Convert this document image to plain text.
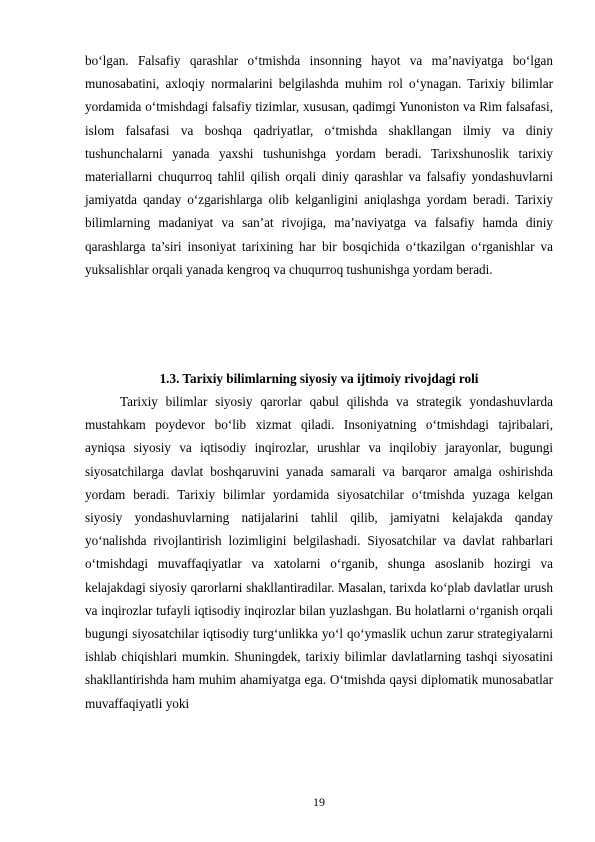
bo‘lgan. Falsafiy qarashlar o‘tmishda insonning hayot va ma’naviyatga bo‘lgan munosabatini, axloqiy normalarini belgilashda muhim rol o‘ynagan. Tarixiy bilimlar yordamida o‘tmishdagi falsafiy tizimlar, xususan, qadimgi Yunoniston va Rim falsafasi, islom falsafasi va boshqa qadriyatlar, o‘tmishda shakllangan ilmiy va diniy tushunchalarni yanada yaxshi tushunishga yordam beradi. Tarixshunoslik tarixiy materiallarni chuqurroq tahlil qilish orqali diniy qarashlar va falsafiy yondashuvlarni jamiyatda qanday o‘zgarishlarga olib kelganligini aniqlashga yordam beradi. Tarixiy bilimlarning madaniyat va san’at rivojiga, ma’naviyatga va falsafiy hamda diniy qarashlarga ta’siri insoniyat tarixining har bir bosqichida o‘tkazilgan o‘rganishlar va yuksalishlar orqali yanada kengroq va chuqurroq tushunishga yordam beradi.

1.3. Tarixiy bilimlarning siyosiy va ijtimoiy rivojdagi roli

Tarixiy bilimlar siyosiy qarorlar qabul qilishda va strategik yondashuvlarda mustahkam poydevor bo‘lib xizmat qiladi. Insoniyatning o‘tmishdagi tajribalari, ayniqsa siyosiy va iqtisodiy inqirozlar, urushlar va inqilobiy jarayonlar, bugungi siyosatchilarga davlat boshqaruvini yanada samarali va barqaror amalga oshirishda yordam beradi. Tarixiy bilimlar yordamida siyosatchilar o‘tmishda yuzaga kelgan siyosiy yondashuvlarning natijalarini tahlil qilib, jamiyatni kelajakda qanday yo‘nalishda rivojlantirish lozimligini belgilashadi. Siyosatchilar va davlat rahbarlari o‘tmishdagi muvaffaqiyatlar va xatolarni o‘rganib, shunga asoslanib hozirgi va kelajakdagi siyosiy qarorlarni shakllantiradilar. Masalan, tarixda ko‘plab davlatlar urush va inqirozlar tufayli iqtisodiy inqirozlar bilan yuzlashgan. Bu holatlarni o‘rganish orqali bugungi siyosatchilar iqtisodiy turg‘unlikka yo‘l qo‘ymaslik uchun zarur strategiyalarni ishlab chiqishlari mumkin. Shuningdek, tarixiy bilimlar davlatlarning tashqi siyosatini shakllantirishda ham muhim ahamiyatga ega. O‘tmishda qaysi diplomatik munosabatlar muvaffaqiyatli yoki

19
